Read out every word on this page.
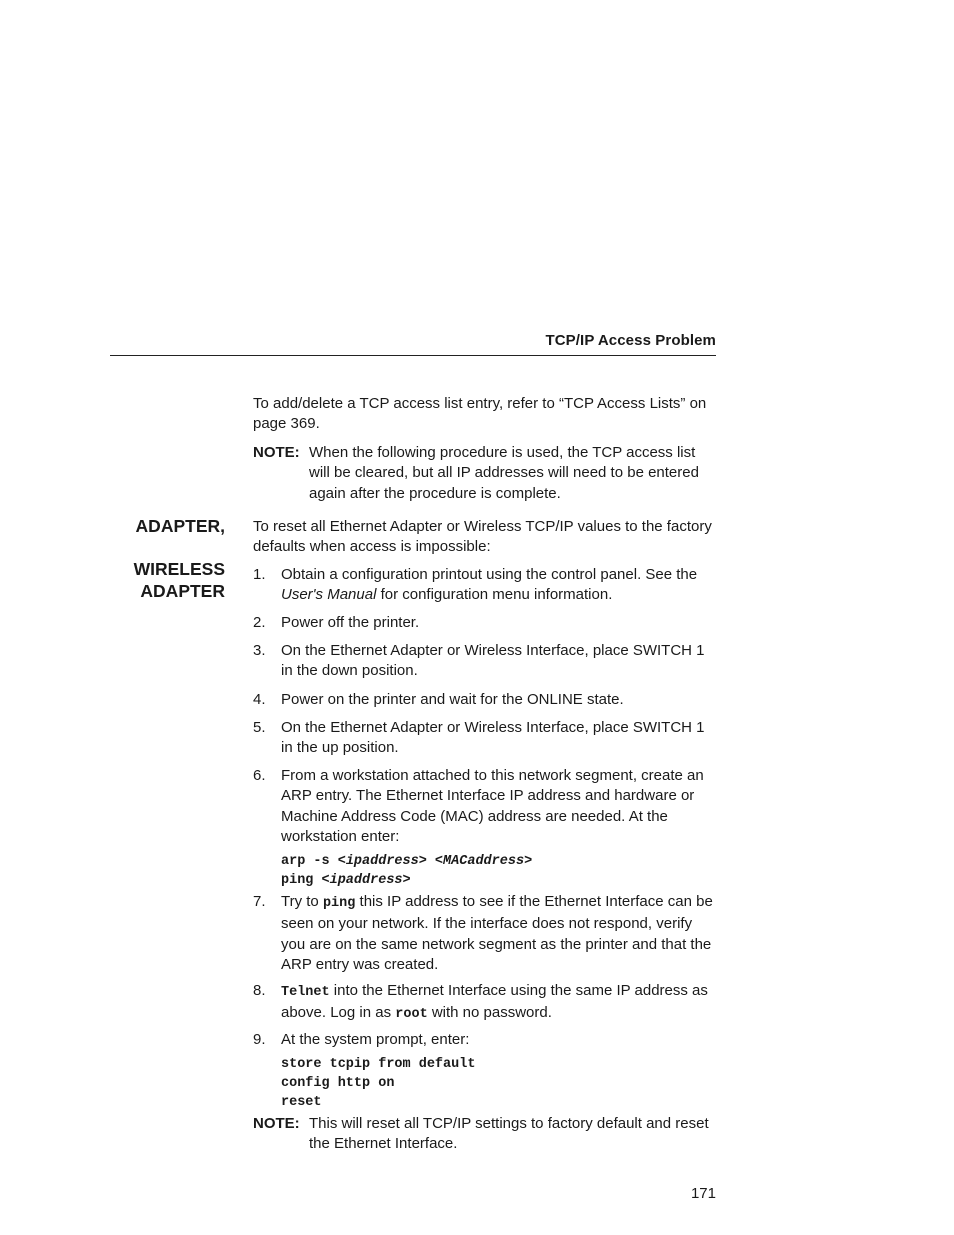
TCP/IP Access Problem

To add/delete a TCP access list entry, refer to “TCP Access Lists” on page 369.

NOTE: When the following procedure is used, the TCP access list will be cleared, but all IP addresses will need to be entered again after the procedure is complete.
ADAPTER,
WIRELESS
ADAPTER

To reset all Ethernet Adapter or Wireless TCP/IP values to the factory defaults when access is impossible:

1. Obtain a configuration printout using the control panel. See the User's Manual for configuration menu information.
2. Power off the printer.
3. On the Ethernet Adapter or Wireless Interface, place SWITCH 1 in the down position.
4. Power on the printer and wait for the ONLINE state.
5. On the Ethernet Adapter or Wireless Interface, place SWITCH 1 in the up position.
6. From a workstation attached to this network segment, create an ARP entry. The Ethernet Interface IP address and hardware or Machine Address Code (MAC) address are needed. At the workstation enter:
arp -s <ipaddress> <MACaddress>
ping <ipaddress>
7. Try to ping this IP address to see if the Ethernet Interface can be seen on your network. If the interface does not respond, verify you are on the same network segment as the printer and that the ARP entry was created.
8. Telnet into the Ethernet Interface using the same IP address as above. Log in as root with no password.
9. At the system prompt, enter:
store tcpip from default
config http on
reset
NOTE: This will reset all TCP/IP settings to factory default and reset the Ethernet Interface.
171
